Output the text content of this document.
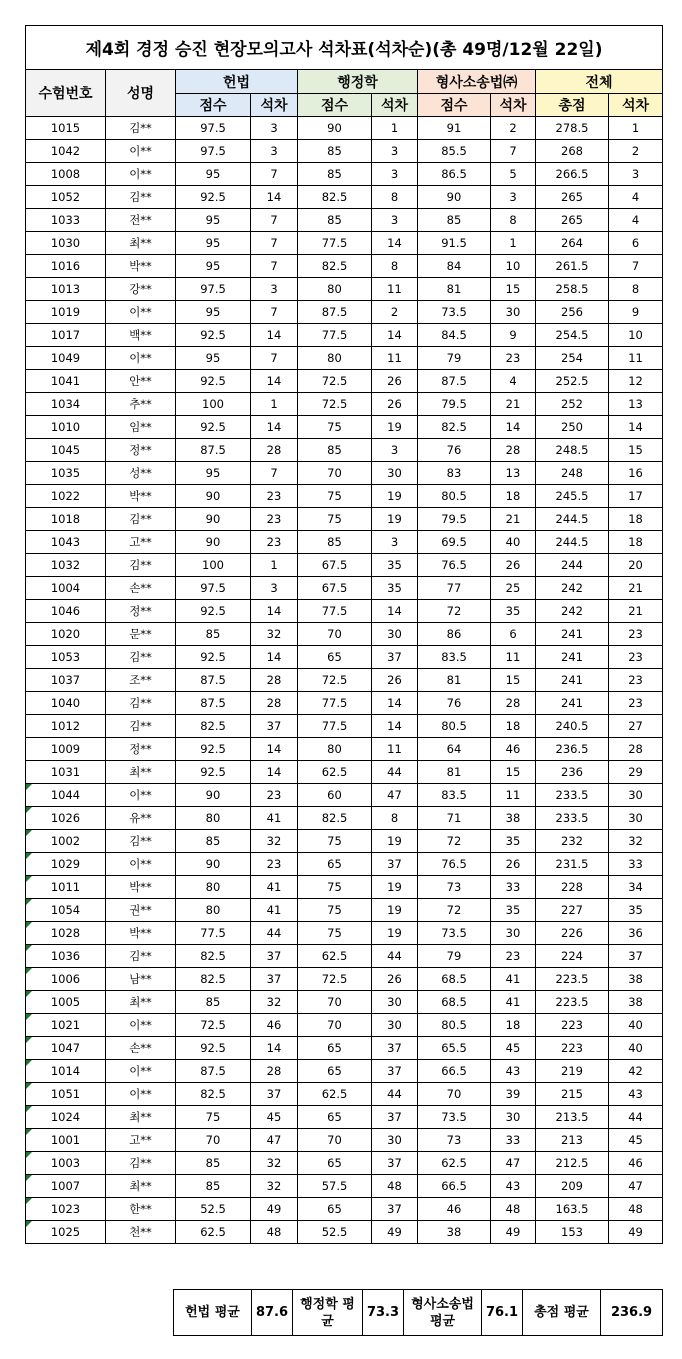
제4회 경정 승진 현장모의고사 석차표(석차순)(총 49명/12월 22일)									
수험번호	성명	헌법		행정학		형사소송법㈜		전체	
		점수	석차	점수	석차	점수	석차	총점	석차
1015	김**	97.5	3	90	1	91	2	278.5	1
1042	이**	97.5	3	85	3	85.5	7	268	2
1008	이**	95	7	85	3	86.5	5	266.5	3
1052	김**	92.5	14	82.5	8	90	3	265	4
1033	전**	95	7	85	3	85	8	265	4
1030	최**	95	7	77.5	14	91.5	1	264	6
1016	박**	95	7	82.5	8	84	10	261.5	7
1013	강**	97.5	3	80	11	81	15	258.5	8
1019	이**	95	7	87.5	2	73.5	30	256	9
1017	백**	92.5	14	77.5	14	84.5	9	254.5	10
1049	이**	95	7	80	11	79	23	254	11
1041	안**	92.5	14	72.5	26	87.5	4	252.5	12
1034	추**	100	1	72.5	26	79.5	21	252	13
1010	임**	92.5	14	75	19	82.5	14	250	14
1045	정**	87.5	28	85	3	76	28	248.5	15
1035	성**	95	7	70	30	83	13	248	16
1022	박**	90	23	75	19	80.5	18	245.5	17
1018	김**	90	23	75	19	79.5	21	244.5	18
1043	고**	90	23	85	3	69.5	40	244.5	18
1032	김**	100	1	67.5	35	76.5	26	244	20
1004	손**	97.5	3	67.5	35	77	25	242	21
1046	정**	92.5	14	77.5	14	72	35	242	21
1020	문**	85	32	70	30	86	6	241	23
1053	김**	92.5	14	65	37	83.5	11	241	23
1037	조**	87.5	28	72.5	26	81	15	241	23
1040	김**	87.5	28	77.5	14	76	28	241	23
1012	김**	82.5	37	77.5	14	80.5	18	240.5	27
1009	정**	92.5	14	80	11	64	46	236.5	28
1031	최**	92.5	14	62.5	44	81	15	236	29
1044	이**	90	23	60	47	83.5	11	233.5	30
1026	유**	80	41	82.5	8	71	38	233.5	30
1002	김**	85	32	75	19	72	35	232	32
1029	이**	90	23	65	37	76.5	26	231.5	33
1011	박**	80	41	75	19	73	33	228	34
1054	권**	80	41	75	19	72	35	227	35
1028	박**	77.5	44	75	19	73.5	30	226	36
1036	김**	82.5	37	62.5	44	79	23	224	37
1006	남**	82.5	37	72.5	26	68.5	41	223.5	38
1005	최**	85	32	70	30	68.5	41	223.5	38
1021	이**	72.5	46	70	30	80.5	18	223	40
1047	손**	92.5	14	65	37	65.5	45	223	40
1014	이**	87.5	28	65	37	66.5	43	219	42
1051	이**	82.5	37	62.5	44	70	39	215	43
1024	최**	75	45	65	37	73.5	30	213.5	44
1001	고**	70	47	70	30	73	33	213	45
1003	김**	85	32	65	37	62.5	47	212.5	46
1007	최**	85	32	57.5	48	66.5	43	209	47
1023	한**	52.5	49	65	37	46	48	163.5	48
1025	천**	62.5	48	52.5	49	38	49	153	49
헌법 평균	87.6	행정학 평균	73.3	형사소송법 평균	76.1	총점 평균	236.9
